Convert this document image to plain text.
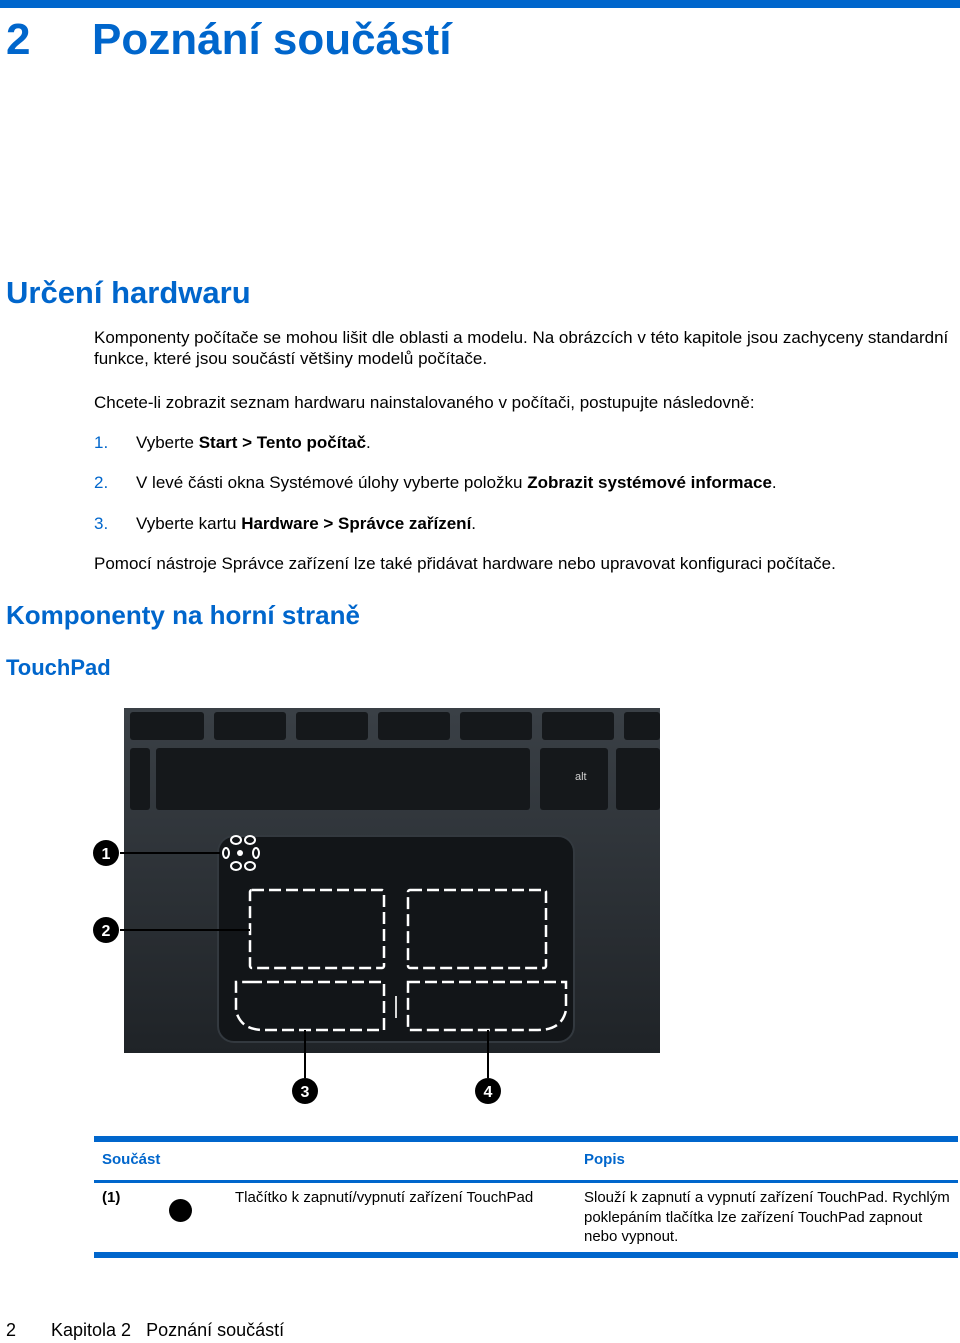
2 Poznání součástí
Určení hardwaru

Komponenty počítače se mohou lišit dle oblasti a modelu. Na obrázcích v této kapitole jsou zachyceny standardní funkce, které jsou součástí většiny modelů počítače.

Chcete-li zobrazit seznam hardwaru nainstalovaného v počítači, postupujte následovně:

1. Vyberte Start > Tento počítač.
2. V levé části okna Systémové úlohy vyberte položku Zobrazit systémové informace.
3. Vyberte kartu Hardware > Správce zařízení.

Pomocí nástroje Správce zařízení lze také přidávat hardware nebo upravovat konfiguraci počítače.

Komponenty na horní straně
TouchPad
alt
1
2
3	4
Součást	Popis
(1)	Tlačítko k zapnutí/vypnutí zařízení TouchPad	Slouží k zapnutí a vypnutí zařízení TouchPad. Rychlým
poklepáním tlačítka lze zařízení TouchPad zapnout
nebo vypnout.
2 Kapitola 2   Poznání součástí
